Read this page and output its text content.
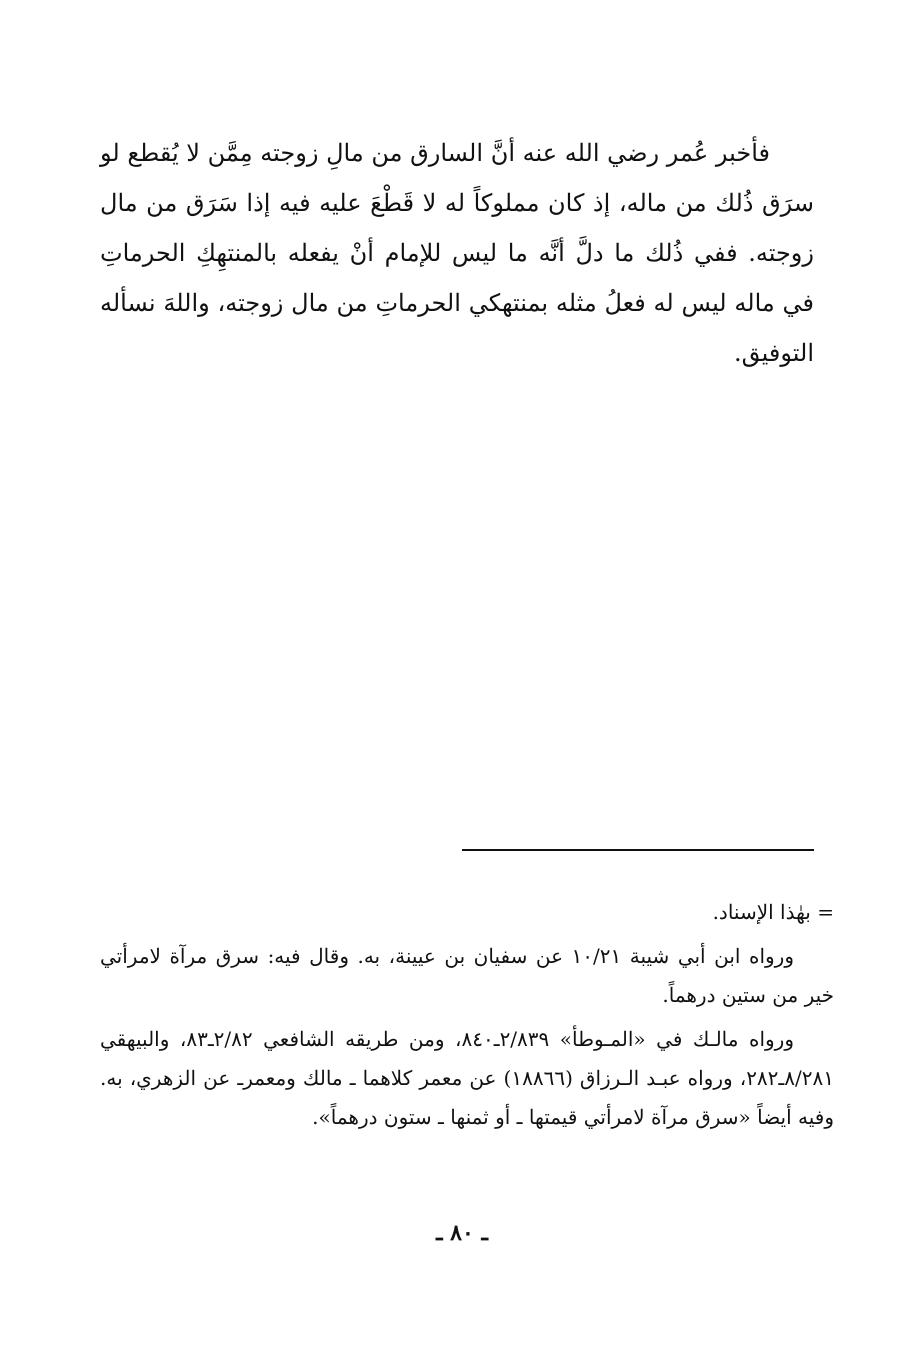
فأخبر عُمر رضي الله عنه أنَّ السارق من مالِ زوجته مِمَّن لا يُقطع لو سرَق ذُلك من ماله، إذ كان مملوكاً له لا قَطْعَ عليه فيه إذا سَرَق من مال زوجته. ففي ذُلك ما دلَّ أنَّه ما ليس للإمام أنْ يفعله بالمنتهِكِ الحرماتِ في ماله ليس له فعلُ مثله بمنتهكي الحرماتِ من مال زوجته، واللهَ نسأله التوفيق.

= بهٰذا الإسناد.

ورواه ابن أبي شيبة ١٠/٢١ عن سفيان بن عيينة، به. وقال فيه: سرق مرآة لامرأتي خير من ستين درهماً.

ورواه مالـك في «المـوطأ» ٢/٨٣٩ـ٨٤٠، ومن طريقه الشافعي ٢/٨٢ـ٨٣، والبيهقي ٨/٢٨١ـ٢٨٢، ورواه عبـد الـرزاق (١٨٨٦٦) عن معمر كلاهما ـ مالك ومعمرـ عن الزهري، به. وفيه أيضاً «سرق مرآة لامرأتي قيمتها ـ أو ثمنها ـ ستون درهماً».

ـ ٨٠ ـ
